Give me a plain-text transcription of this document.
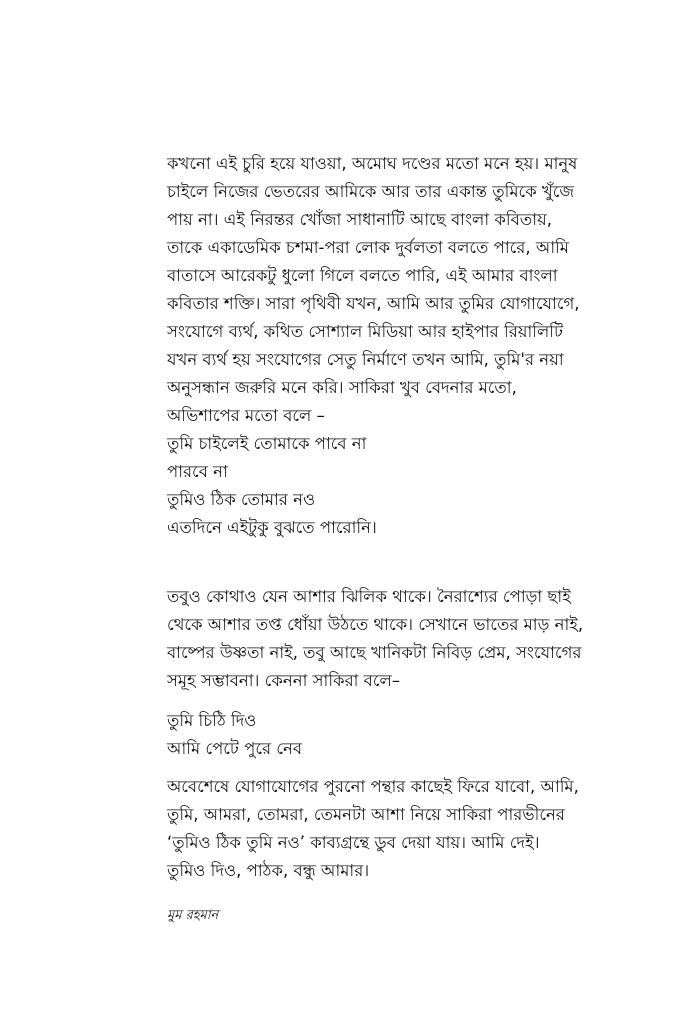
কখনো এই চুরি হয়ে যাওয়া, অমোঘ দণ্ডের মতো মনে হয়। মানুষ
চাইলে নিজের ভেতরের আমিকে আর তার একান্ত তুমিকে খুঁজে
পায় না। এই নিরন্তর খোঁজা সাধানাটি আছে বাংলা কবিতায়,
তাকে একাডেমিক চশমা-পরা লোক দুর্বলতা বলতে পারে, আমি
বাতাসে আরেকটু ধুলো গিলে বলতে পারি, এই আমার বাংলা
কবিতার শক্তি। সারা পৃথিবী যখন, আমি আর তুমির যোগাযোগে,
সংযোগে ব্যর্থ, কথিত সোশ্যাল মিডিয়া আর হাইপার রিয়ালিটি
যখন ব্যর্থ হয় সংযোগের সেতু নির্মাণে তখন আমি, তুমি'র নয়া
অনুসন্ধান জরুরি মনে করি। সাকিরা খুব বেদনার মতো,
অভিশাপের মতো বলে –
তুমি চাইলেই তোমাকে পাবে না
পারবে না
তুমিও ঠিক তোমার নও
এতদিনে এইটুকু বুঝতে পারোনি।
তবুও কোথাও যেন আশার ঝিলিক থাকে। নৈরাশ্যের পোড়া ছাই
থেকে আশার তপ্ত ধোঁয়া উঠতে থাকে। সেখানে ভাতের মাড় নাই,
বাষ্পের উষ্ণতা নাই, তবু আছে খানিকটা নিবিড় প্রেম, সংযোগের
সমূহ সম্ভাবনা। কেননা সাকিরা বলে–
তুমি চিঠি দিও
আমি পেটে পুরে নেব
অবেশেষে যোগাযোগের পুরনো পন্থার কাছেই ফিরে যাবো, আমি,
তুমি, আমরা, তোমরা, তেমনটা আশা নিয়ে সাকিরা পারভীনের
‘তুমিও ঠিক তুমি নও’ কাব্যগ্রন্থে ডুব দেয়া যায়। আমি দেই।
তুমিও দিও, পাঠক, বন্ধু আমার।
মুম রহমান
